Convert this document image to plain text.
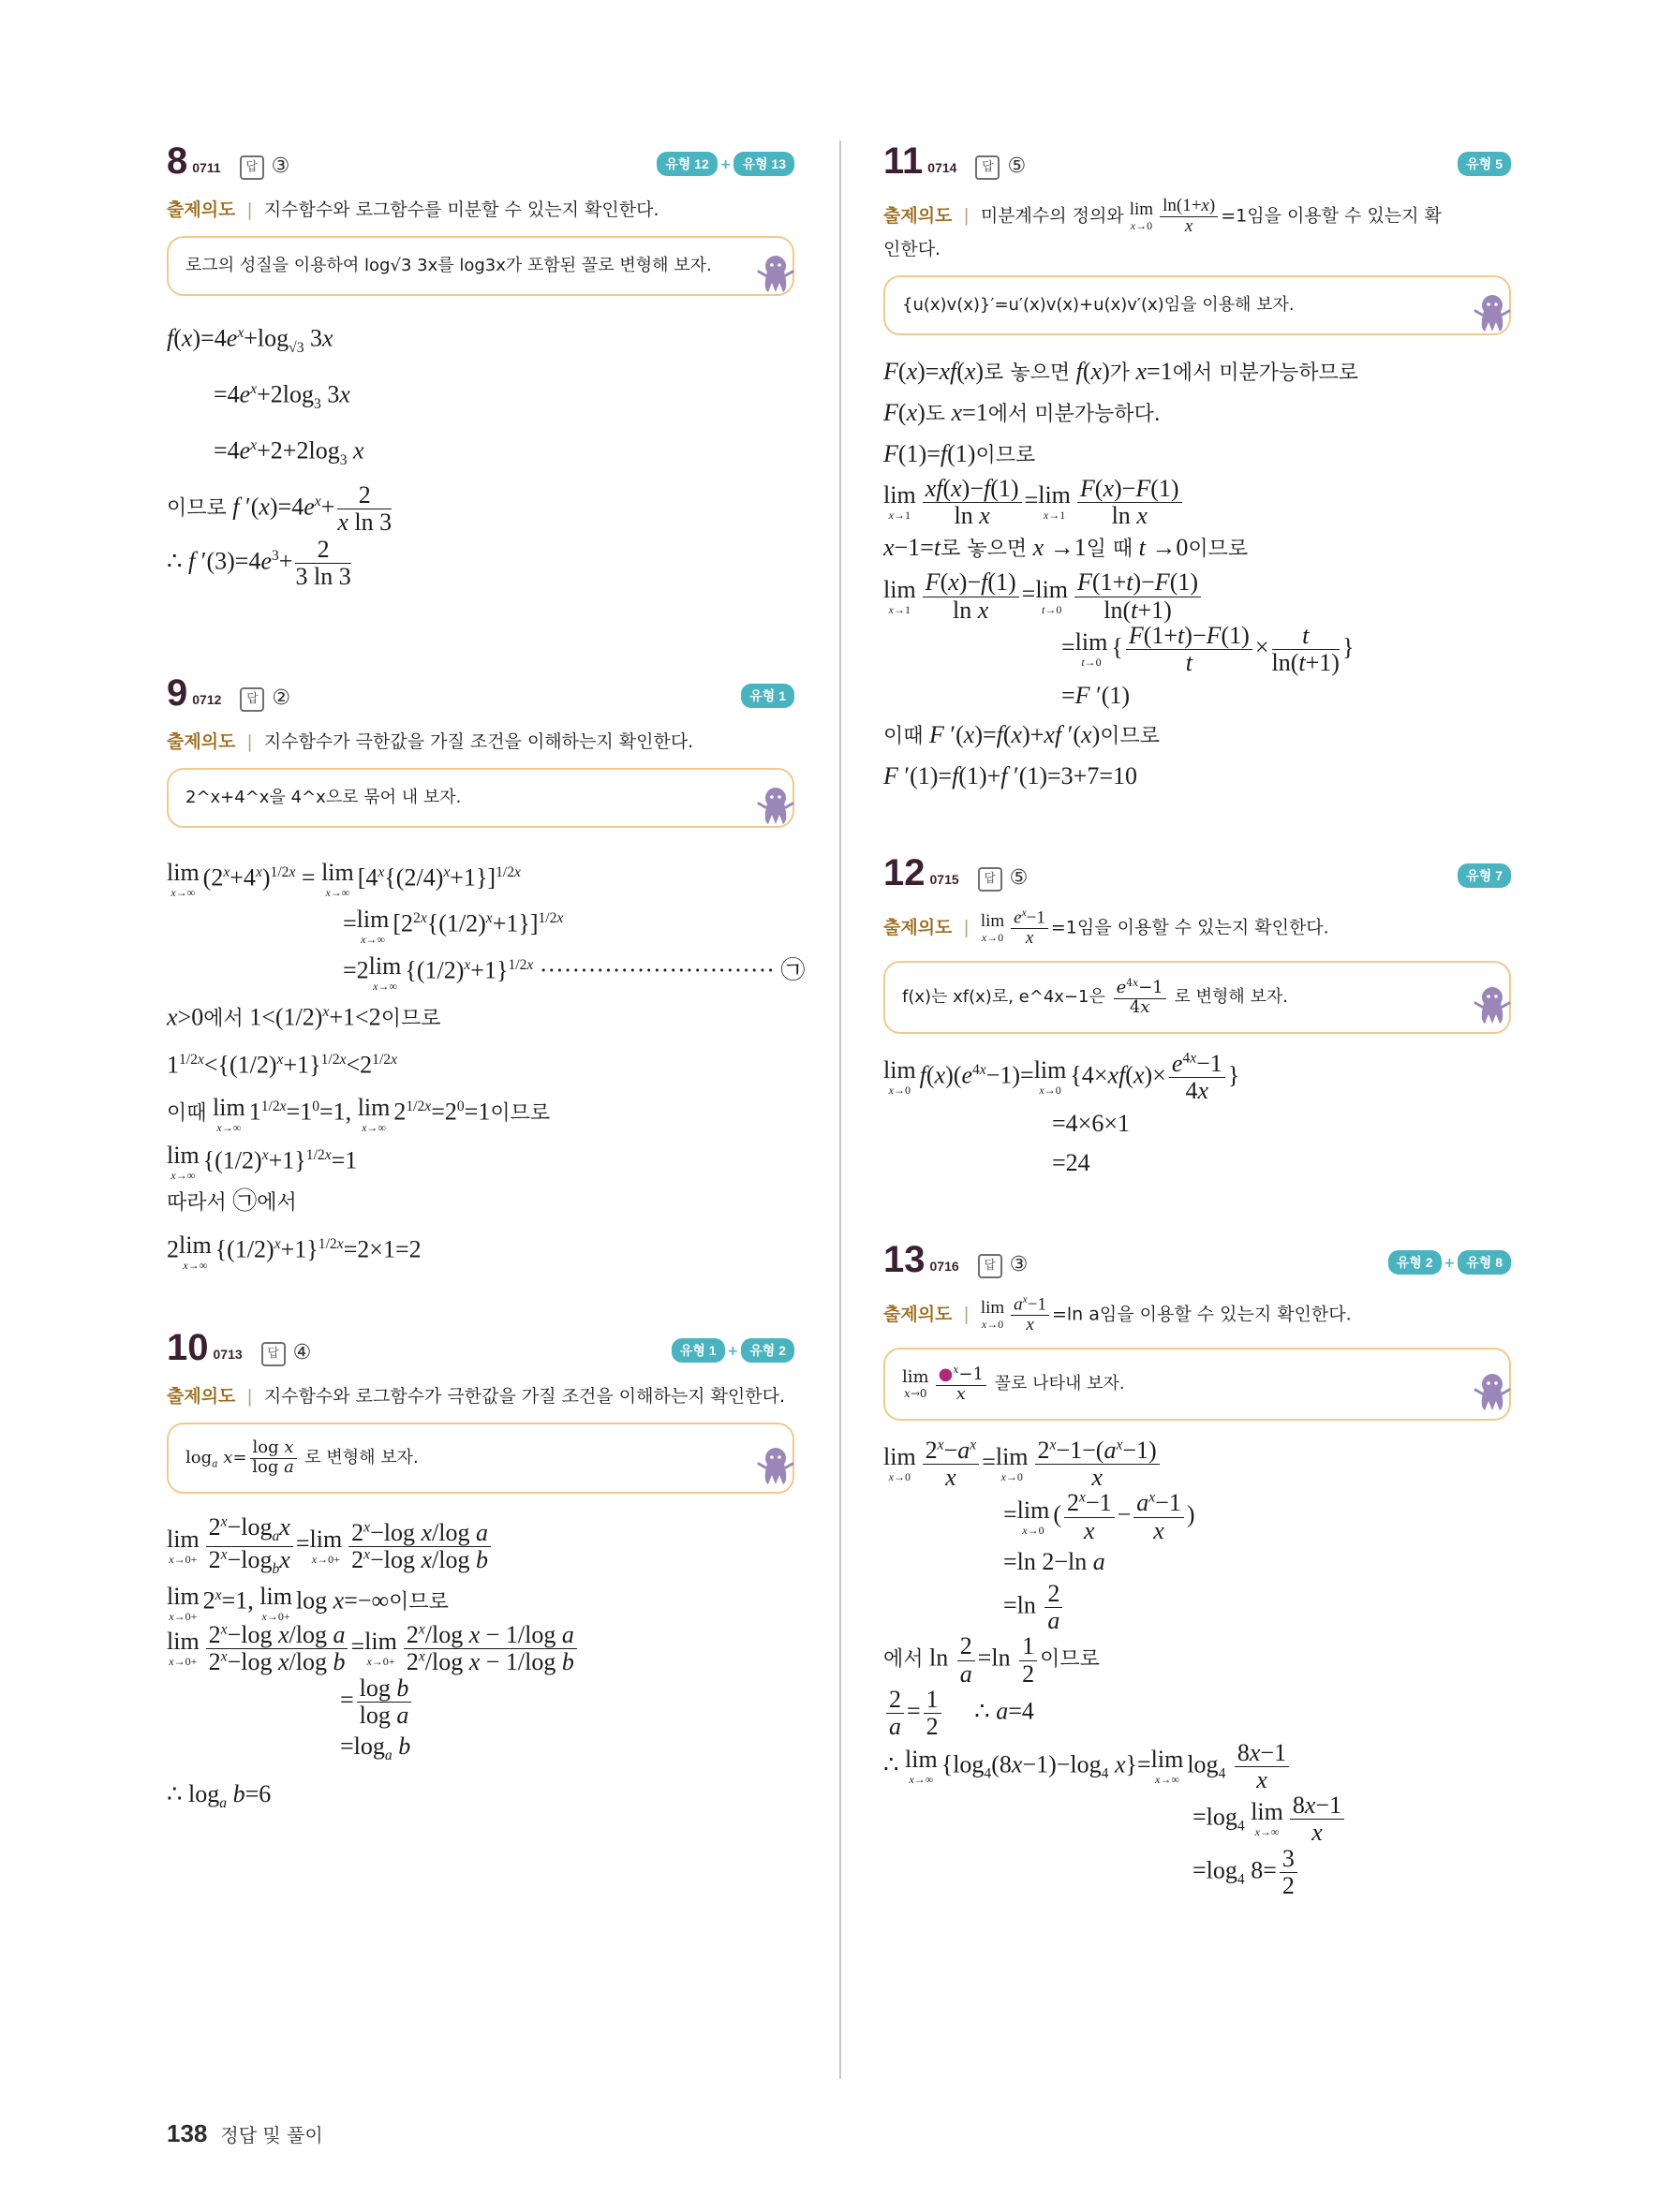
8 0711 답 ③	유형 12 + 유형 13
출제의도 | 지수함수와 로그함수를 미분할 수 있는지 확인한다.
로그의 성질을 이용하여 log√3 3x를 log3x가 포함된 꼴로 변형해 보자.
$f(x)=4e^x+\log_{√3}$ 3x
$=4e^x+2\log_3$ 3x
$=4e^x+2+2\log_3$ x
이므로 f $'(x)=4e^x+ \frac{2}{\text{x ln 3}}$
∴ f $'(3)=4e^3+ \frac{2}{3 \ln 3}$
9 0712 답 ②	유형 1
출제의도 | 지수함수가 극한값을 가질 조건을 이해하는지 확인한다.
2^x+4^x을 4^x으로 묶어 내 보자.
lim
x→∞
$(2^x+4^x)^{1/2x} = \lim$
x→∞
$[4^x\{(2/4)^x+1\}]^{1/2x}$
= lim
x→∞
$[2^{2x}\{(1/2)^x+1\}]^{1/2x}$
=2 lim
x→∞
$\{(1/2)^x+1\}^{1/2x}$ ····························· ㉠
x>0에서 $1<(1/2)^x+1<2$이므로
$1^{1/2x}<\{(1/2)^x+1\}^{1/2x}<2^{1/2x}$
이때 lim
x→∞
$1^{1/2x}=1^0=1$, lim
x→∞
$2^{1/2x}=2^0=1$이므로
lim
x→∞
$\{(1/2)^x+1\}^{1/2x}=1$
따라서 ㉠에서
2 lim
x→∞
$\{(1/2)^x+1\}^{1/2x}=2\times 1=2$
10 0713 답 ④	유형 1 + 유형 2
출제의도 | 지수함수와 로그함수가 극한값을 가질 조건을 이해하는지 확인한다.
$\log_a x= \frac{\text{log x}}{\text{log a}}$ 로 변형해 보자.
lim
$x\to 0+ \frac{2^x-\log_ax}{2^x-\log_bx} = \lim$
$x\to 0+ \frac{2^x-\log x/\log a}{2^x-\log x/\log b}$
lim
x→0+
$2^x=1$, lim
x→0+
log x=−∞이므로
lim
$x\to 0+ \frac{2^x-\log x/\log a}{2^x-\log x/\log b} = \lim$
$x\to 0+ \frac{2^x/\log x - 1/\log a}{2^x/\log x - 1/\log b}$
= $\frac{\text{log b}}{\text{log a}}$
$=\log_a$ b
∴ $\log_a b=6$
11 0714 답 ⑤	유형 5
출제의도 | 미분계수의 정의와 lim
$x\to 0 \frac{\ln(1+x)}{x} =1$임을 이용할 수 있는지 확
인한다.
{u(x)v(x)}′=u′(x)v(x)+u(x)v′(x)임을 이용해 보자.
F(x)=xf(x)로 놓으면 f(x)가 x=1에서 미분가능하므로
F(x)도 x=1에서 미분가능하다.
F(1)=f(1)이므로
lim
$x\to 1 \frac{xf(x)-f(1)}{\text{ln x}} = \lim$
$x\to 1 \frac{F(x)-F(1)}{\text{ln x}}$
x−1=t로 놓으면 x →1일 때 t →0이므로
lim
$x\to 1 \frac{F(x)-f(1)}{\text{ln x}} = \lim$
$t\to 0 \frac{F(1+t)-F(1)}{\ln(t+1)}$
= lim
t→0
{ $\frac{F(1+t)-F(1)}{t} \times \frac{t}{\ln(t+1)}$ }
=F ′(1)
이때 F ′(x)=f(x)+xf ′(x)이므로
F ′(1)=f(1)+f ′(1)=3+7=10
12 0715 답 ⑤	유형 7
출제의도 | lim
$x\to 0 \frac{e^x-1}{x} =1$임을 이용할 수 있는지 확인한다.
f(x)는 xf(x)로, e^4x−1은 $\frac{e^{4x}-1}{4x}$ 로 변형해 보자.
lim
x→0
$f(x)(e^{4x}-1)= \lim$
x→0
{$4\times xf(x)\times \frac{e^{4x}-1}{4x}$ }
=4×6×1
=24
13 0716 답 ③	유형 2 + 유형 8
출제의도 | lim
$x\to 0 \frac{a^x-1}{x} =\ln$ a임을 이용할 수 있는지 확인한다.
lim
$x\to 0 \frac{●^x-1}{x}$ 꼴로 나타내 보자.
lim
$x\to 0 \frac{2^x-a^x}{x} = \lim$
$x\to 0 \frac{2^x-1-(a^x-1)}{x}$
= lim
x→0
( $\frac{2^x-1}{x} - \frac{a^x-1}{x}$ )
=ln 2−ln a
$=\ln \frac{2}{a}$
에서 $\ln \frac{2}{a} =\ln \frac{1}{2}$ 이므로
$\frac{2}{a} = \frac{1}{2}$ ∴ a=4
∴ lim
x→∞
{$\log_4(8x-1)-\log_4$ x}= lim
x→∞
$\log_4 \frac{8x-1}{x}$
$=\log_4$
lim
$x\to\infty \frac{8x-1}{x}$
$=\log_4$ $8= \frac{3}{2}$
138 정답 및 풀이
